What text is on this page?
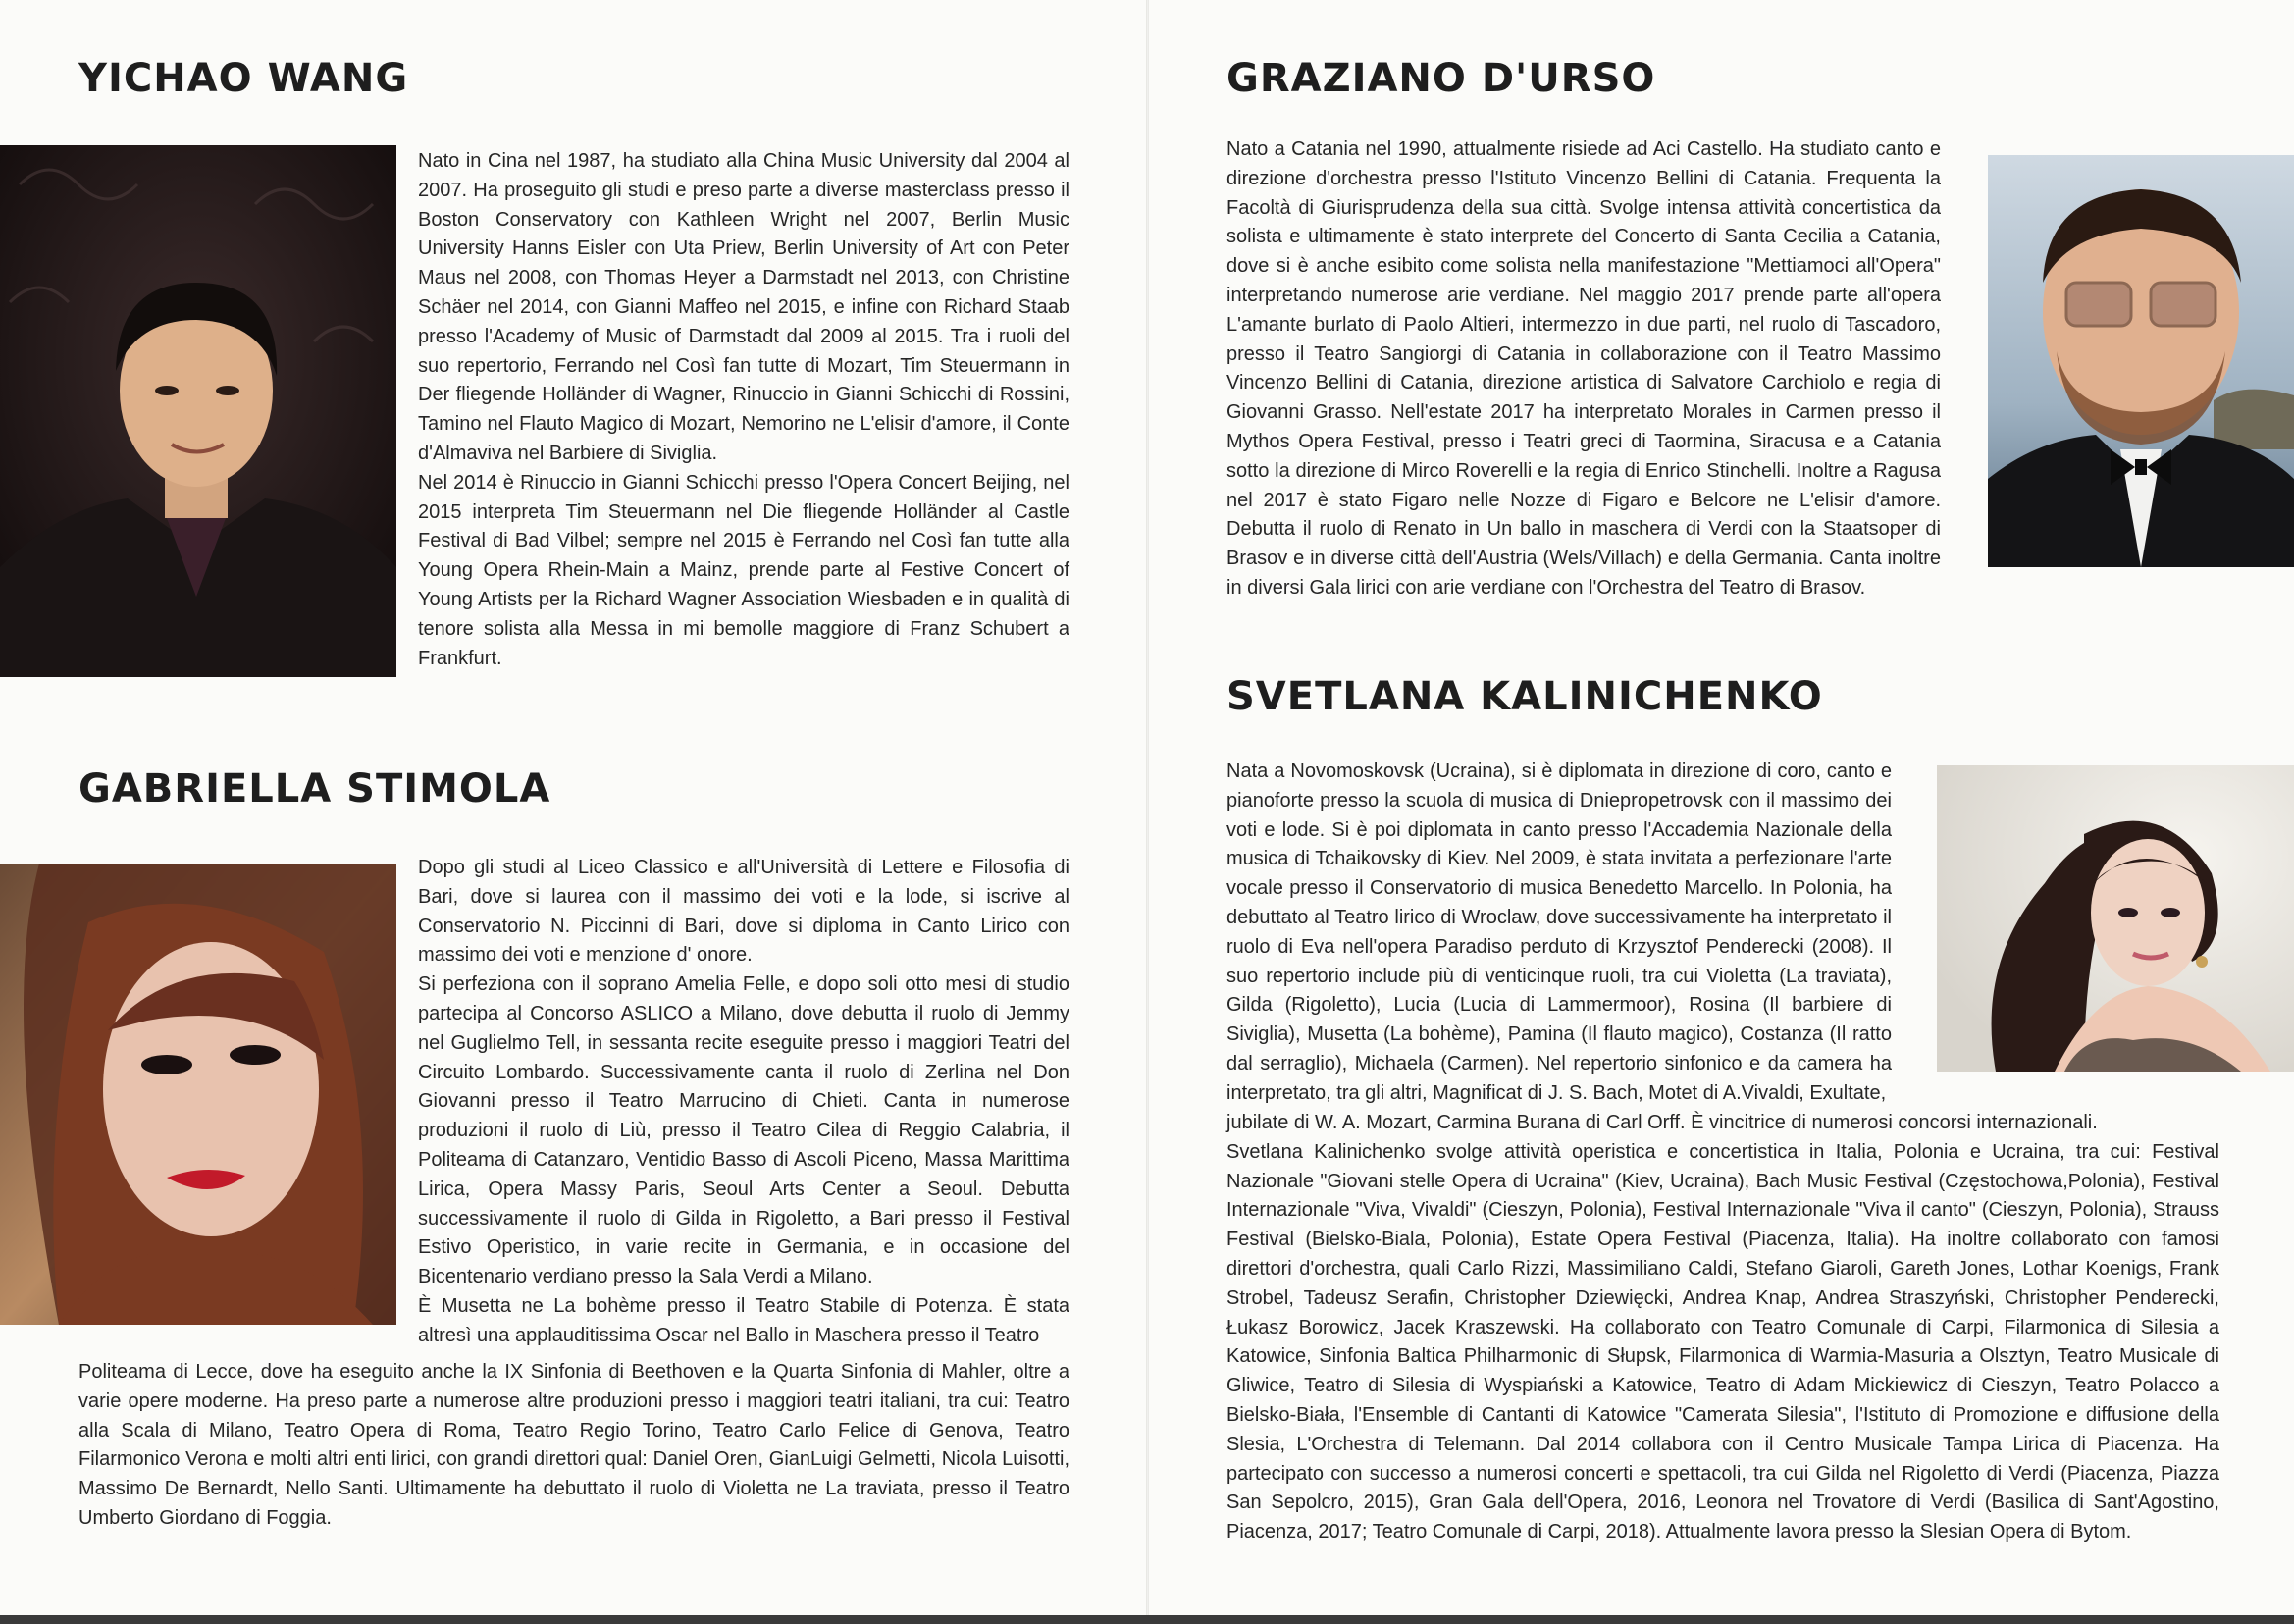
YICHAO WANG

Nato in Cina nel 1987, ha studiato alla China Music University dal 2004 al 2007. Ha proseguito gli studi e preso parte a diverse masterclass presso il Boston Conservatory con Kathleen Wright nel 2007, Berlin Music University Hanns Eisler con Uta Priew, Berlin University of Art con Peter Maus nel 2008, con Thomas Heyer a Darmstadt nel 2013, con Christine Schäer nel 2014, con Gianni Maffeo nel 2015, e infine con Richard Staab presso l'Academy of Music of Darmstadt dal 2009 al 2015. Tra i ruoli del suo repertorio, Ferrando nel Così fan tutte di Mozart, Tim Steuermann in Der fliegende Holländer di Wagner, Rinuccio in Gianni Schicchi di Rossini, Tamino nel Flauto Magico di Mozart, Nemorino ne L'elisir d'amore, il Conte d'Almaviva nel Barbiere di Siviglia.

Nel 2014 è Rinuccio in Gianni Schicchi presso l'Opera Concert Beijing, nel 2015 interpreta Tim Steuermann nel Die fliegende Holländer al Castle Festival di Bad Vilbel; sempre nel 2015 è Ferrando nel Così fan tutte alla Young Opera Rhein-Main a Mainz, prende parte al Festive Concert of Young Artists per la Richard Wagner Association Wiesbaden e in qualità di tenore solista alla Messa in mi bemolle maggiore di Franz Schubert a Frankfurt.

GABRIELLA STIMOLA

Dopo gli studi al Liceo Classico e all'Università di Lettere e Filosofia di Bari, dove si laurea con il massimo dei voti e la lode, si iscrive al Conservatorio N. Piccinni di Bari, dove si diploma in Canto Lirico con massimo dei voti e menzione d' onore.

Si perfeziona con il soprano Amelia Felle, e dopo soli otto mesi di studio partecipa al Concorso ASLICO a Milano, dove debutta il ruolo di Jemmy nel Guglielmo Tell, in sessanta recite eseguite presso i maggiori Teatri del Circuito Lombardo. Successivamente canta il ruolo di Zerlina nel Don Giovanni presso il Teatro Marrucino di Chieti. Canta in numerose produzioni il ruolo di Liù, presso il Teatro Cilea di Reggio Calabria, il Politeama di Catanzaro, Ventidio Basso di Ascoli Piceno, Massa Marittima Lirica, Opera Massy Paris, Seoul Arts Center a Seoul. Debutta successivamente il ruolo di Gilda in Rigoletto, a Bari presso il Festival Estivo Operistico, in varie recite in Germania, e in occasione del Bicentenario verdiano presso la Sala Verdi a Milano.

È Musetta ne La bohème presso il Teatro Stabile di Potenza. È stata altresì una applauditissima Oscar nel Ballo in Maschera presso il Teatro

Politeama di Lecce, dove ha eseguito anche la IX Sinfonia di Beethoven e la Quarta Sinfonia di Mahler, oltre a varie opere moderne. Ha preso parte a numerose altre produzioni presso i maggiori teatri italiani, tra cui: Teatro alla Scala di Milano, Teatro Opera di Roma, Teatro Regio Torino, Teatro Carlo Felice di Genova, Teatro Filarmonico Verona e molti altri enti lirici, con grandi direttori qual: Daniel Oren, GianLuigi Gelmetti, Nicola Luisotti, Massimo De Bernardt, Nello Santi. Ultimamente ha debuttato il ruolo di Violetta ne La traviata, presso il Teatro Umberto Giordano di Foggia.

GRAZIANO D'URSO

Nato a Catania nel 1990, attualmente risiede ad Aci Castello. Ha studiato canto e direzione d'orchestra presso l'Istituto Vincenzo Bellini di Catania. Frequenta la Facoltà di Giurisprudenza della sua città. Svolge intensa attività concertistica da solista e ultimamente è stato interprete del Concerto di Santa Cecilia a Catania, dove si è anche esibito come solista nella manifestazione "Mettiamoci all'Opera" interpretando numerose arie verdiane. Nel maggio 2017 prende parte all'opera L'amante burlato di Paolo Altieri, intermezzo in due parti, nel ruolo di Tascadoro, presso il Teatro Sangiorgi di Catania in collaborazione con il Teatro Massimo Vincenzo Bellini di Catania, direzione artistica di Salvatore Carchiolo e regia di Giovanni Grasso. Nell'estate 2017 ha interpretato Morales in Carmen presso il Mythos Opera Festival, presso i Teatri greci di Taormina, Siracusa e a Catania sotto la direzione di Mirco Roverelli e la regia di Enrico Stinchelli. Inoltre a Ragusa nel 2017 è stato Figaro nelle Nozze di Figaro e Belcore ne L'elisir d'amore. Debutta il ruolo di Renato in Un ballo in maschera di Verdi con la Staatsoper di Brasov e in diverse città dell'Austria (Wels/Villach) e della Germania. Canta inoltre in diversi Gala lirici con arie verdiane con l'Orchestra del Teatro di Brasov.

SVETLANA KALINICHENKO

Nata a Novomoskovsk (Ucraina), si è diplomata in direzione di coro, canto e pianoforte presso la scuola di musica di Dniepropetrovsk con il massimo dei voti e lode. Si è poi diplomata in canto presso l'Accademia Nazionale della musica di Tchaikovsky di Kiev. Nel 2009, è stata invitata a perfezionare l'arte vocale presso il Conservatorio di musica Benedetto Marcello. In Polonia, ha debuttato al Teatro lirico di Wroclaw, dove successivamente ha interpretato il ruolo di Eva nell'opera Paradiso perduto di Krzysztof Penderecki (2008). Il suo repertorio include più di venticinque ruoli, tra cui Violetta (La traviata), Gilda (Rigoletto), Lucia (Lucia di Lammermoor), Rosina (Il barbiere di Siviglia), Musetta (La bohème), Pamina (Il flauto magico), Costanza (Il ratto dal serraglio), Michaela (Carmen). Nel repertorio sinfonico e da camera ha interpretato, tra gli altri, Magnificat di J. S. Bach, Motet di A.Vivaldi, Exultate,

jubilate di W. A. Mozart, Carmina Burana di Carl Orff. È vincitrice di numerosi concorsi internazionali.

Svetlana Kalinichenko svolge attività operistica e concertistica in Italia, Polonia e Ucraina, tra cui: Festival Nazionale "Giovani stelle Opera di Ucraina" (Kiev, Ucraina), Bach Music Festival (Częstochowa,Polonia), Festival Internazionale "Viva, Vivaldi" (Cieszyn, Polonia), Festival Internazionale "Viva il canto" (Cieszyn, Polonia), Strauss Festival (Bielsko-Biala, Polonia), Estate Opera Festival (Piacenza, Italia). Ha inoltre collaborato con famosi direttori d'orchestra, quali Carlo Rizzi, Massimiliano Caldi, Stefano Giaroli, Gareth Jones, Lothar Koenigs, Frank Strobel, Tadeusz Serafin, Christopher Dziewięcki, Andrea Knap, Andrea Straszyński, Christopher Penderecki, Łukasz Borowicz, Jacek Kraszewski. Ha collaborato con Teatro Comunale di Carpi, Filarmonica di Silesia a Katowice, Sinfonia Baltica Philharmonic di Słupsk, Filarmonica di Warmia-Masuria a Olsztyn, Teatro Musicale di Gliwice, Teatro di Silesia di Wyspiański a Katowice, Teatro di Adam Mickiewicz di Cieszyn, Teatro Polacco a Bielsko-Biała, l'Ensemble di Cantanti di Katowice "Camerata Silesia", l'Istituto di Promozione e diffusione della Slesia, L'Orchestra di Telemann. Dal 2014 collabora con il Centro Musicale Tampa Lirica di Piacenza. Ha partecipato con successo a numerosi concerti e spettacoli, tra cui Gilda nel Rigoletto di Verdi (Piacenza, Piazza San Sepolcro, 2015), Gran Gala dell'Opera, 2016, Leonora nel Trovatore di Verdi (Basilica di Sant'Agostino, Piacenza, 2017; Teatro Comunale di Carpi, 2018). Attualmente lavora presso la Slesian Opera di Bytom.
